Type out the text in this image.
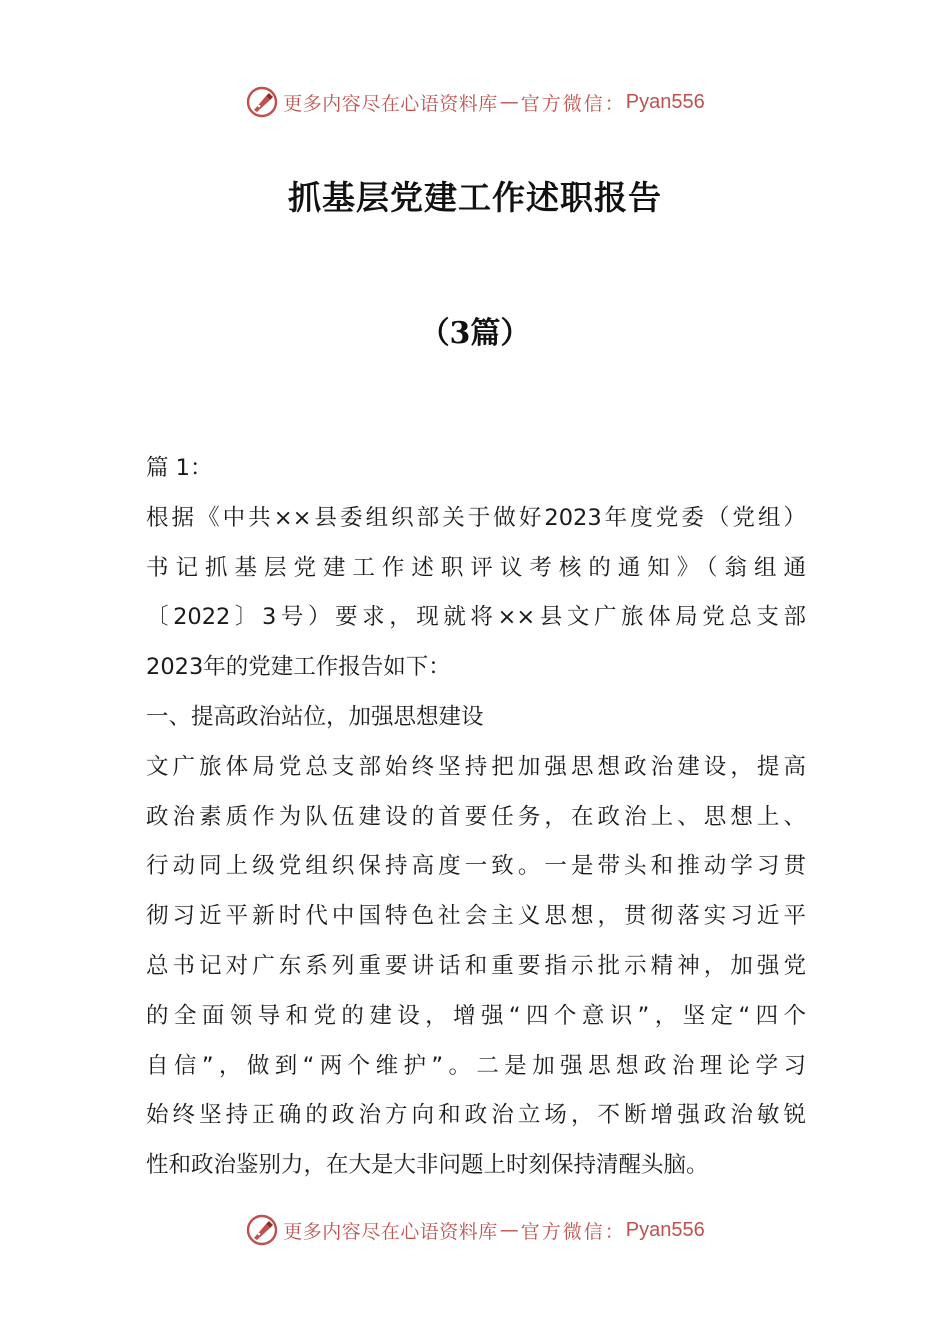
更多内容尽在心语资料库 — 官方微信： Pyan556
抓基层党建工作述职报告
（3篇）
篇 1：
根据《中共××县委组织部关于做好2023年度党委（党组）
书记抓基层党建工作述职评议考核的通知》（翁组通
〔2022〕3号）要求，现就将××县文广旅体局党总支部
2023年的党建工作报告如下：
一、提高政治站位，加强思想建设
文广旅体局党总支部始终坚持把加强思想政治建设，提高
政治素质作为队伍建设的首要任务，在政治上、思想上、
行动同上级党组织保持高度一致。一是带头和推动学习贯
彻习近平新时代中国特色社会主义思想，贯彻落实习近平
总书记对广东系列重要讲话和重要指示批示精神，加强党
的全面领导和党的建设，增强“四个意识”，坚定“四个
自信”，做到“两个维护”。二是加强思想政治理论学习
始终坚持正确的政治方向和政治立场，不断增强政治敏锐
性和政治鉴别力，在大是大非问题上时刻保持清醒头脑。
更多内容尽在心语资料库 — 官方微信： Pyan556
